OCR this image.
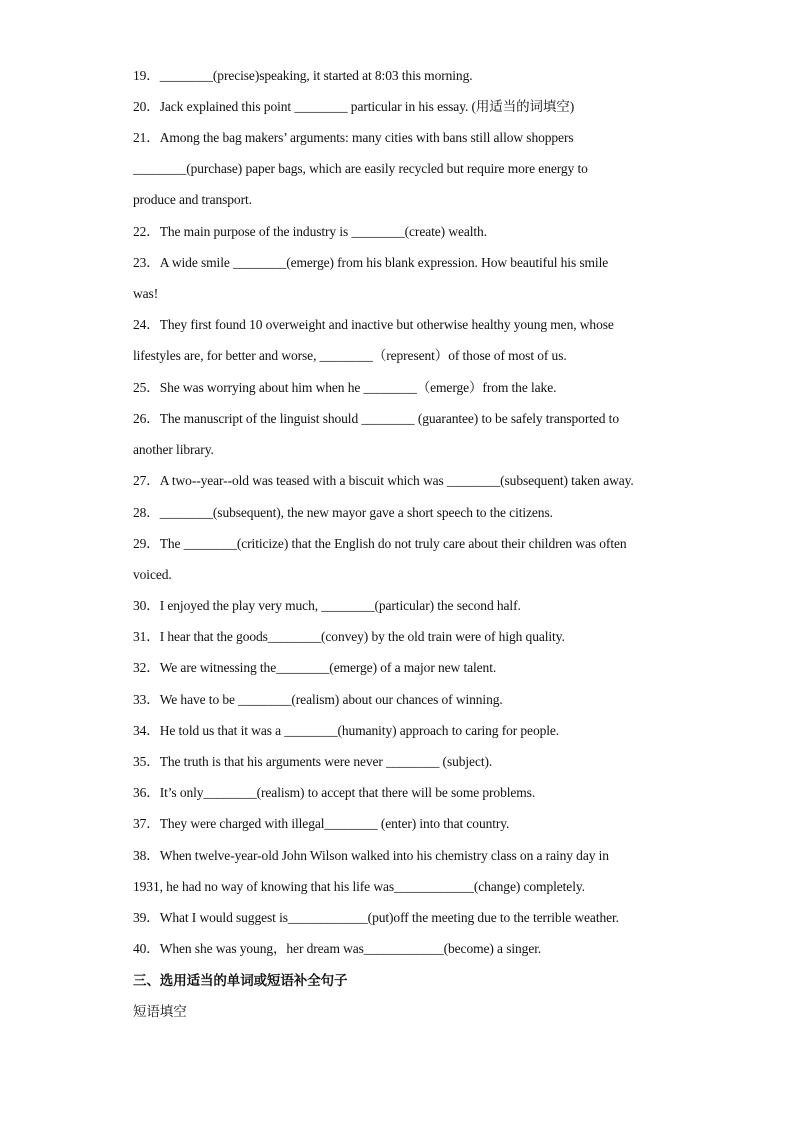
19．________(precise)speaking, it started at 8:03 this morning.
20．Jack explained this point ________ particular in his essay. (用适当的词填空)
21．Among the bag makers’ arguments: many cities with bans still allow shoppers
________(purchase) paper bags, which are easily recycled but require more energy to
produce and transport.
22．The main purpose of the industry is ________(create) wealth.
23．A wide smile ________(emerge) from his blank expression. How beautiful his smile
was!
24．They first found 10 overweight and inactive but otherwise healthy young men, whose
lifestyles are, for better and worse, ________（represent）of those of most of us.
25．She was worrying about him when he ________（emerge）from the lake.
26．The manuscript of the linguist should ________ (guarantee) to be safely transported to
another library.
27．A two--year--old was teased with a biscuit which was ________(subsequent) taken away.
28．________(subsequent), the new mayor gave a short speech to the citizens.
29．The ________(criticize) that the English do not truly care about their children was often
voiced.
30．I enjoyed the play very much, ________(particular) the second half.
31．I hear that the goods________(convey) by the old train were of high quality.
32．We are witnessing the________(emerge) of a major new talent.
33．We have to be ________(realism) about our chances of winning.
34．He told us that it was a ________(humanity) approach to caring for people.
35．The truth is that his arguments were never ________ (subject).
36．It’s only________(realism) to accept that there will be some problems.
37．They were charged with illegal________ (enter) into that country.
38．When twelve-year-old John Wilson walked into his chemistry class on a rainy day in
1931, he had no way of knowing that his life was____________(change) completely.
39．What I would suggest is____________(put)off the meeting due to the terrible weather.
40．When she was young，her dream was____________(become) a singer.
三、选用适当的单词或短语补全句子
短语填空
